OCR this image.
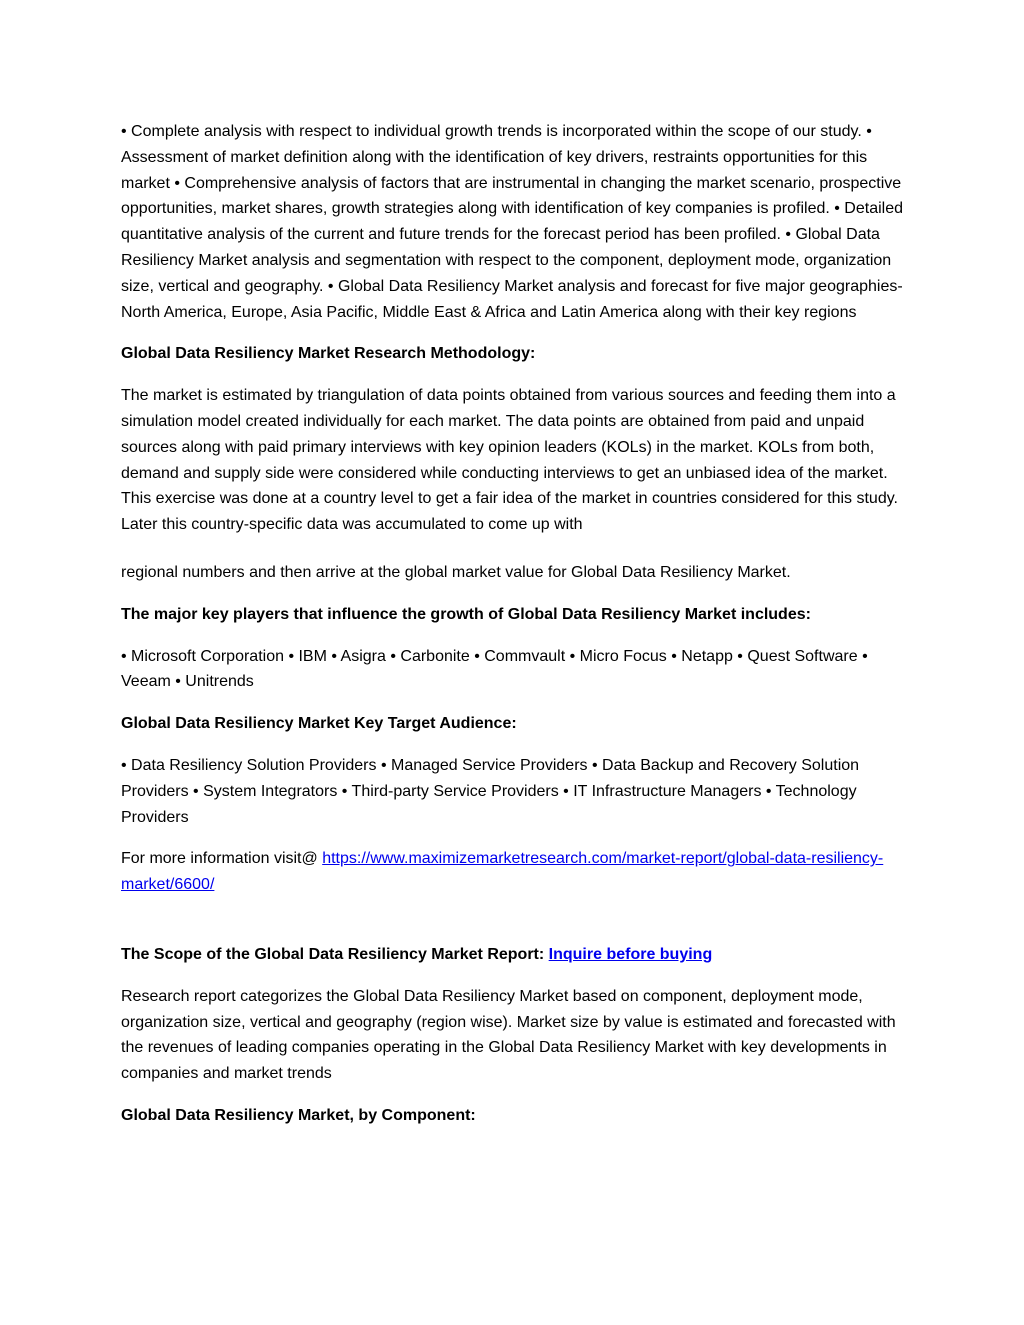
• Complete analysis with respect to individual growth trends is incorporated within the scope of our study. • Assessment of market definition along with the identification of key drivers, restraints opportunities for this market • Comprehensive analysis of factors that are instrumental in changing the market scenario, prospective opportunities, market shares, growth strategies along with identification of key companies is profiled. • Detailed quantitative analysis of the current and future trends for the forecast period has been profiled. • Global Data Resiliency Market analysis and segmentation with respect to the component, deployment mode, organization size, vertical and geography. • Global Data Resiliency Market analysis and forecast for five major geographies- North America, Europe, Asia Pacific, Middle East & Africa and Latin America along with their key regions

Global Data Resiliency Market Research Methodology:

The market is estimated by triangulation of data points obtained from various sources and feeding them into a simulation model created individually for each market. The data points are obtained from paid and unpaid sources along with paid primary interviews with key opinion leaders (KOLs) in the market. KOLs from both, demand and supply side were considered while conducting interviews to get an unbiased idea of the market. This exercise was done at a country level to get a fair idea of the market in countries considered for this study. Later this country-specific data was accumulated to come up with

regional numbers and then arrive at the global market value for Global Data Resiliency Market.

The major key players that influence the growth of Global Data Resiliency Market includes:

• Microsoft Corporation • IBM • Asigra • Carbonite • Commvault • Micro Focus • Netapp • Quest Software • Veeam • Unitrends

Global Data Resiliency Market Key Target Audience:

• Data Resiliency Solution Providers • Managed Service Providers • Data Backup and Recovery Solution Providers • System Integrators • Third-party Service Providers • IT Infrastructure Managers • Technology Providers

For more information visit@ https://www.maximizemarketresearch.com/market-report/global-data-resiliency-market/6600/

The Scope of the Global Data Resiliency Market Report: Inquire before buying

Research report categorizes the Global Data Resiliency Market based on component, deployment mode, organization size, vertical and geography (region wise). Market size by value is estimated and forecasted with the revenues of leading companies operating in the Global Data Resiliency Market with key developments in companies and market trends

Global Data Resiliency Market, by Component:
